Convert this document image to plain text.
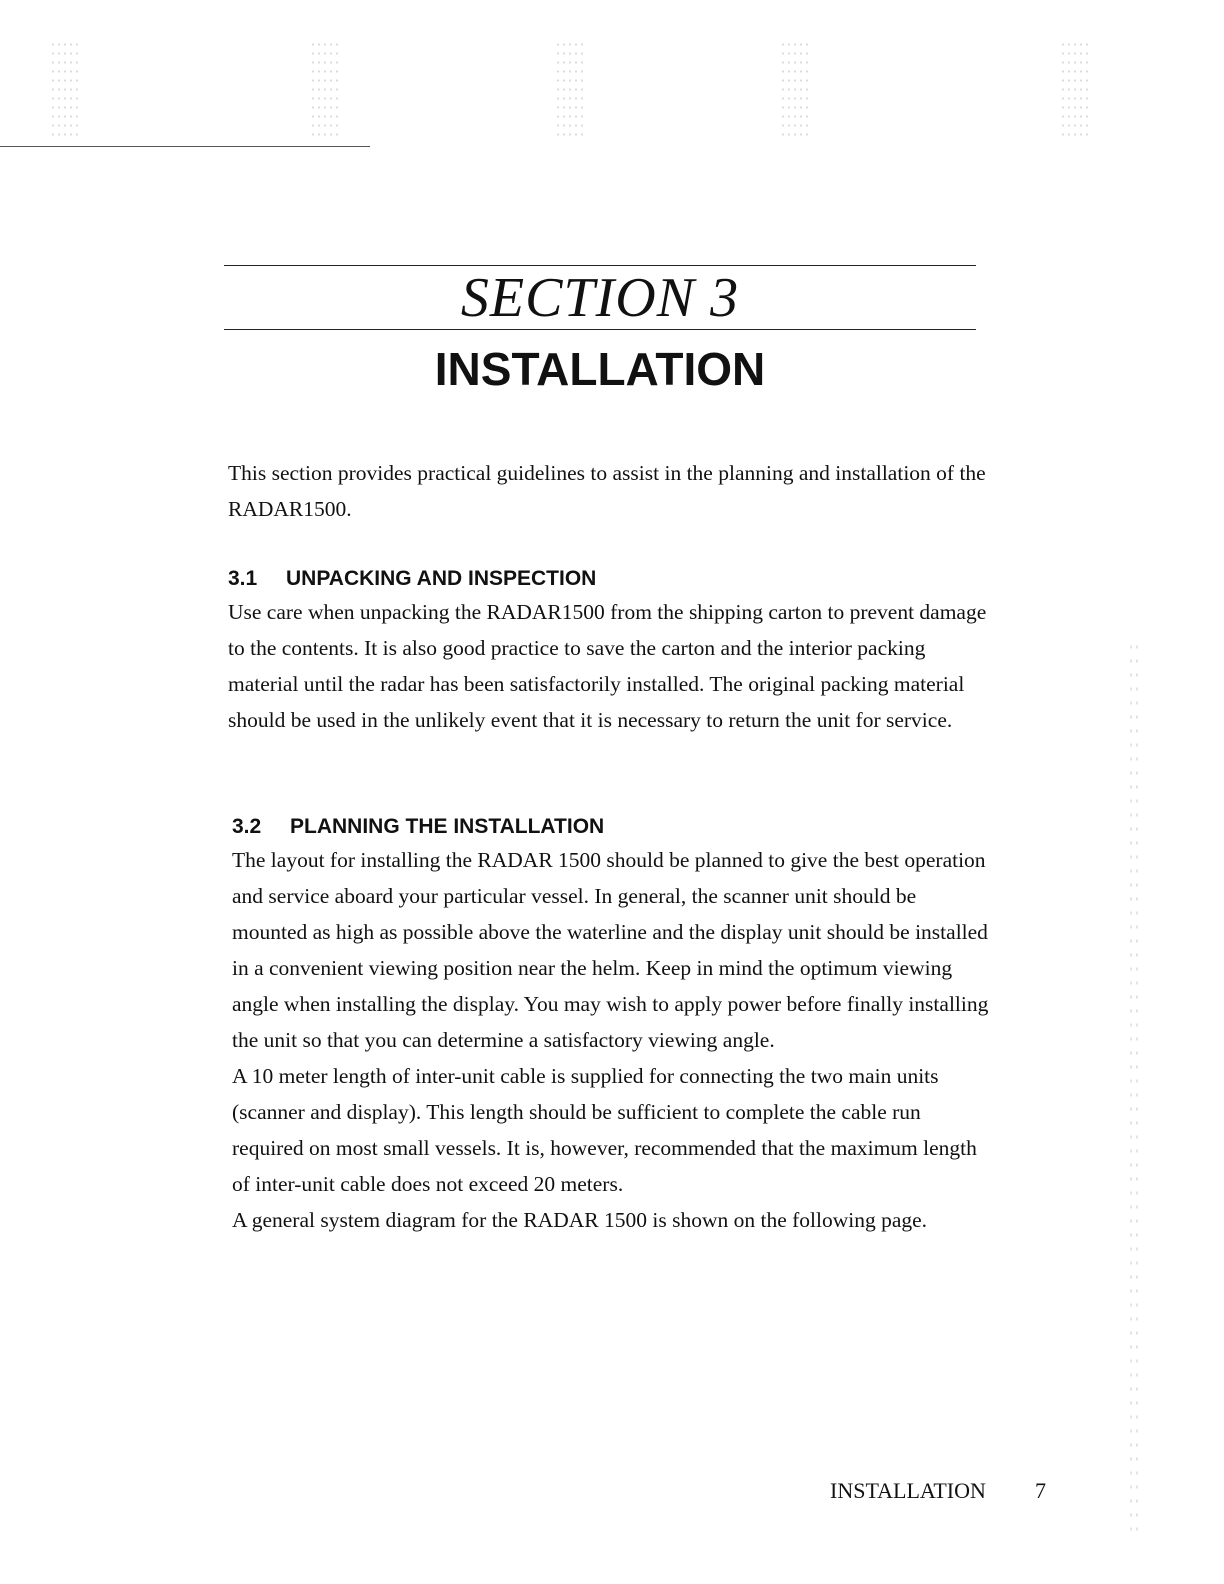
SECTION 3
INSTALLATION

This section provides practical guidelines to assist in the planning and installation of the RADAR1500.

3.1 UNPACKING AND INSPECTION

Use care when unpacking the RADAR1500 from the shipping carton to prevent damage to the contents. It is also good practice to save the carton and the interior packing material until the radar has been satisfactorily installed. The original packing material should be used in the unlikely event that it is necessary to return the unit for service.

3.2 PLANNING THE INSTALLATION

The layout for installing the RADAR 1500 should be planned to give the best operation and service aboard your particular vessel. In general, the scanner unit should be mounted as high as possible above the waterline and the display unit should be installed in a convenient viewing position near the helm. Keep in mind the optimum viewing angle when installing the display. You may wish to apply power before finally installing the unit so that you can determine a satisfactory viewing angle.

A 10 meter length of inter-unit cable is supplied for connecting the two main units (scanner and display). This length should be sufficient to complete the cable run required on most small vessels. It is, however, recommended that the maximum length of inter-unit cable does not exceed 20 meters.

A general system diagram for the RADAR 1500 is shown on the following page.

INSTALLATION 7
